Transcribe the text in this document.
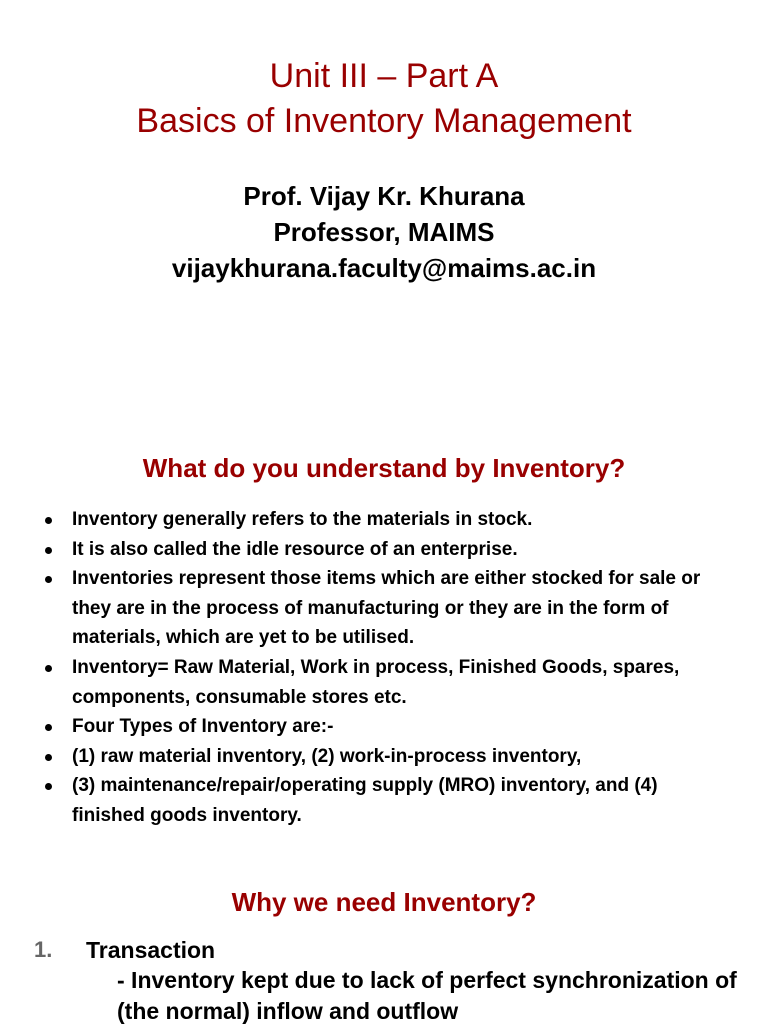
Unit III – Part A
Basics of Inventory Management
Prof. Vijay Kr. Khurana
Professor, MAIMS
vijaykhurana.faculty@maims.ac.in
What do you understand by Inventory?
Inventory generally refers to the materials in stock.
It is also called the idle resource of an enterprise.
Inventories represent those items which are either stocked for sale or they are in the process of manufacturing or they are in the form of materials, which are yet to be utilised.
Inventory= Raw Material, Work in process, Finished Goods, spares, components, consumable stores etc.
Four Types of Inventory are:-
(1) raw material inventory, (2) work-in-process inventory,
(3) maintenance/repair/operating supply (MRO) inventory, and (4) finished goods inventory.
Why we need Inventory?
1. Transaction
- Inventory kept due to lack of perfect synchronization of (the normal) inflow and outflow
